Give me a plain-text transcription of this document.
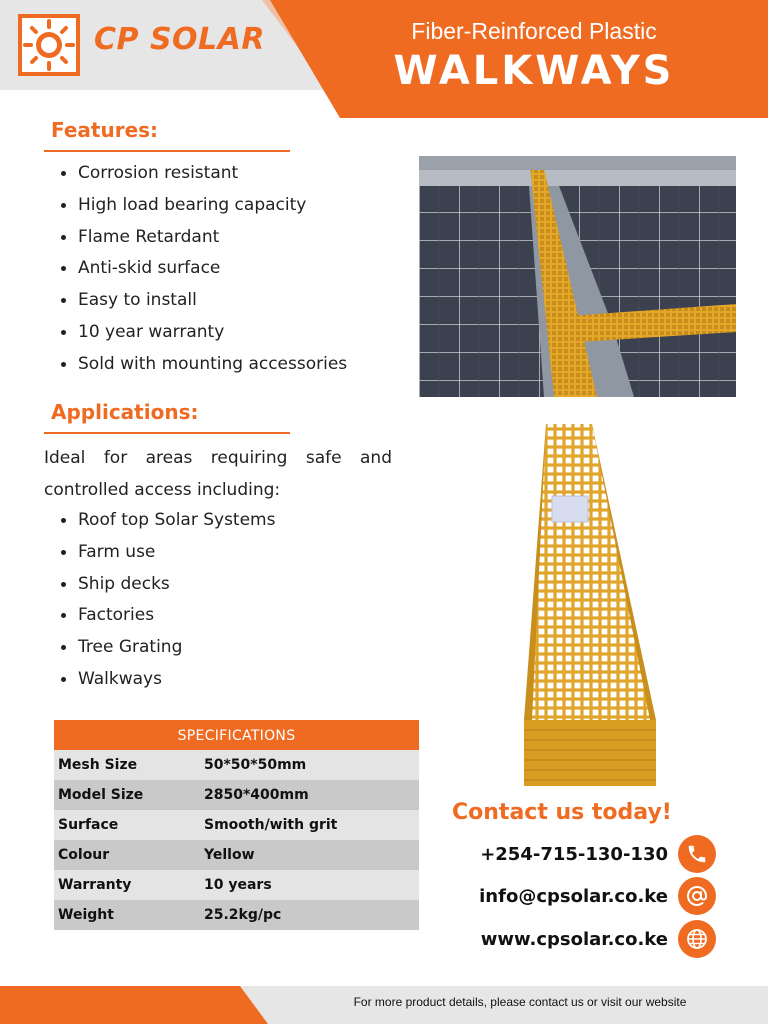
CP SOLAR	Fiber-Reinforced Plastic
WALKWAYS
Features:
Corrosion resistant
High load bearing capacity
Flame Retardant
Anti-skid surface
Easy to install
10 year warranty
Sold with mounting accessories
Applications:

Ideal for areas requiring safe and controlled access including:

Roof top Solar Systems
Farm use
Ship decks
Factories
Tree Grating
Walkways
SPECIFICATIONS
Mesh Size	50*50*50mm
Model Size	2850*400mm
Surface	Smooth/with grit
Colour	Yellow
Warranty	10 years
Weight	25.2kg/pc
Contact us today!
+254-715-130-130
info@cpsolar.co.ke
www.cpsolar.co.ke
For more product details, please contact us or visit our website
